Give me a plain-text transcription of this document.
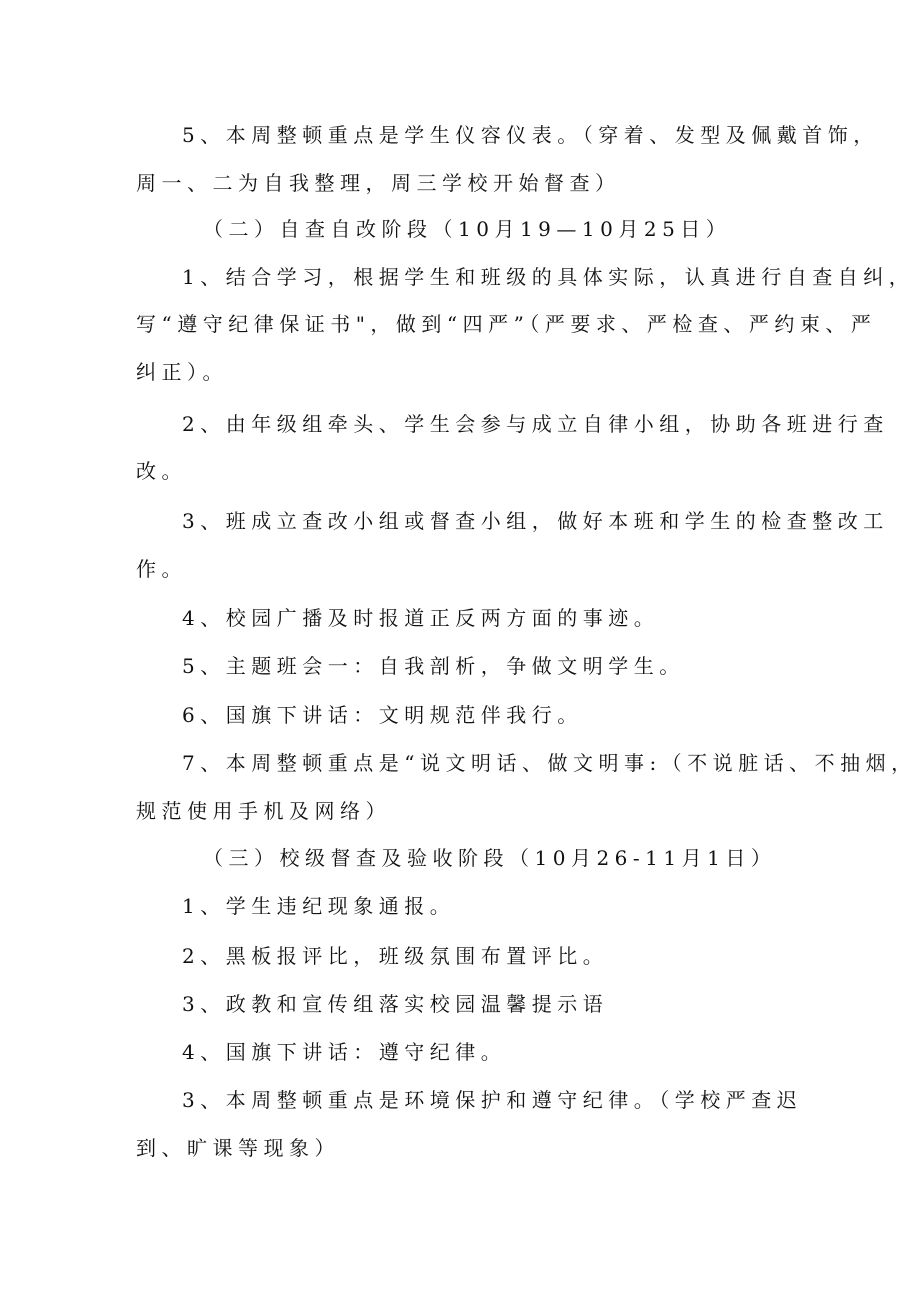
5、本周整顿重点是学生仪容仪表。（穿着、发型及佩戴首饰，
周一、二为自我整理，周三学校开始督查）
（二）自查自改阶段（10月19—10月25日）
1、结合学习，根据学生和班级的具体实际，认真进行自查自纠，
写“遵守纪律保证书"，做到“四严”（严要求、严检查、严约束、严
纠正）。
2、由年级组牵头、学生会参与成立自律小组，协助各班进行查
改。
3、班成立查改小组或督查小组，做好本班和学生的检查整改工
作。
4、校园广播及时报道正反两方面的事迹。
5、主题班会一：自我剖析，争做文明学生。
6、国旗下讲话：文明规范伴我行。
7、本周整顿重点是“说文明话、做文明事:（不说脏话、不抽烟，
规范使用手机及网络）
（三）校级督查及验收阶段（10月26-11月1日）
1、学生违纪现象通报。
2、黑板报评比，班级氛围布置评比。
3、政教和宣传组落实校园温馨提示语
4、国旗下讲话：遵守纪律。
3、本周整顿重点是环境保护和遵守纪律。（学校严查迟
到、旷课等现象）
